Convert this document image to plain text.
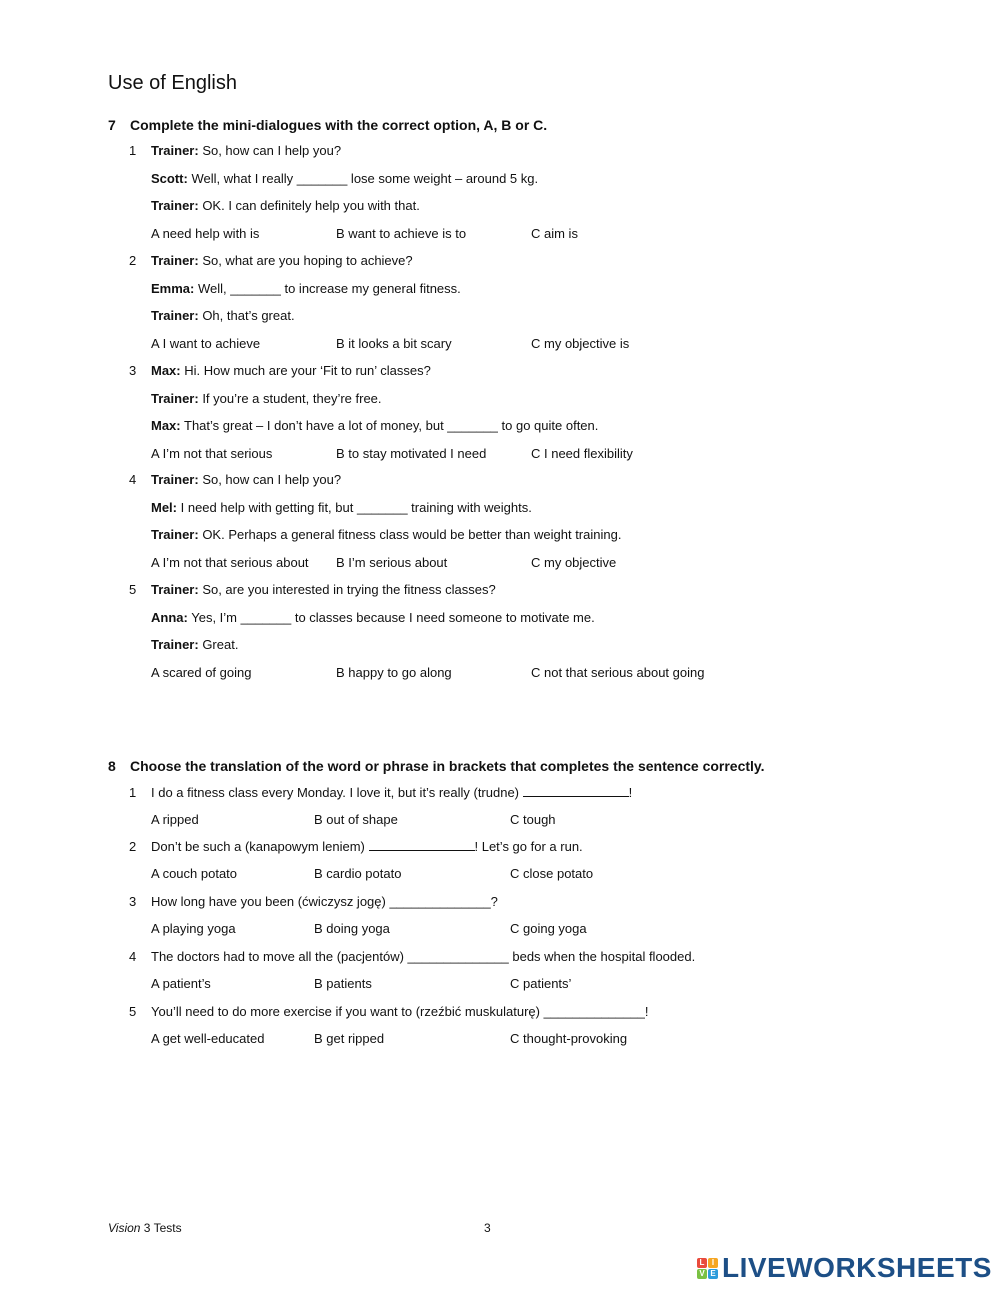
Use of English
7 Complete the mini-dialogues with the correct option, A, B or C.
1 Trainer: So, how can I help you?
Scott: Well, what I really _______ lose some weight – around 5 kg.
Trainer: OK. I can definitely help you with that.
A need help with is	B want to achieve is to	C aim is
2 Trainer: So, what are you hoping to achieve?
Emma: Well, _______ to increase my general fitness.
Trainer: Oh, that’s great.
A I want to achieve	B it looks a bit scary	C my objective is
3 Max: Hi. How much are your ‘Fit to run’ classes?
Trainer: If you’re a student, they’re free.
Max: That’s great – I don’t have a lot of money, but _______ to go quite often.
A I’m not that serious	B to stay motivated I need	C I need flexibility
4 Trainer: So, how can I help you?
Mel: I need help with getting fit, but _______ training with weights.
Trainer: OK. Perhaps a general fitness class would be better than weight training.
A I’m not that serious about B I’m serious about	C my objective
5 Trainer: So, are you interested in trying the fitness classes?
Anna: Yes, I’m _______ to classes because I need someone to motivate me.
Trainer: Great.
A scared of going	B happy to go along	C not that serious about going
8 Choose the translation of the word or phrase in brackets that completes the sentence correctly.
1 I do a fitness class every Monday. I love it, but it’s really (trudne)	!
A ripped	B out of shape	C tough
2 Don’t be such a (kanapowym leniem)	! Let’s go for a run.
A couch potato	B cardio potato	C close potato
3 How long have you been (ćwiczysz jogę) ______________?
A playing yoga	B doing yoga	C going yoga
4 The doctors had to move all the (pacjentów) ______________ beds when the hospital flooded.
A patient’s	B patients	C patients’
5 You’ll need to do more exercise if you want to (rzeźbić muskulaturę) ______________!
A get well-educated	B get ripped	C thought-provoking
Vision 3 Tests	3
L I
V E LIVEWORKSHEETS
